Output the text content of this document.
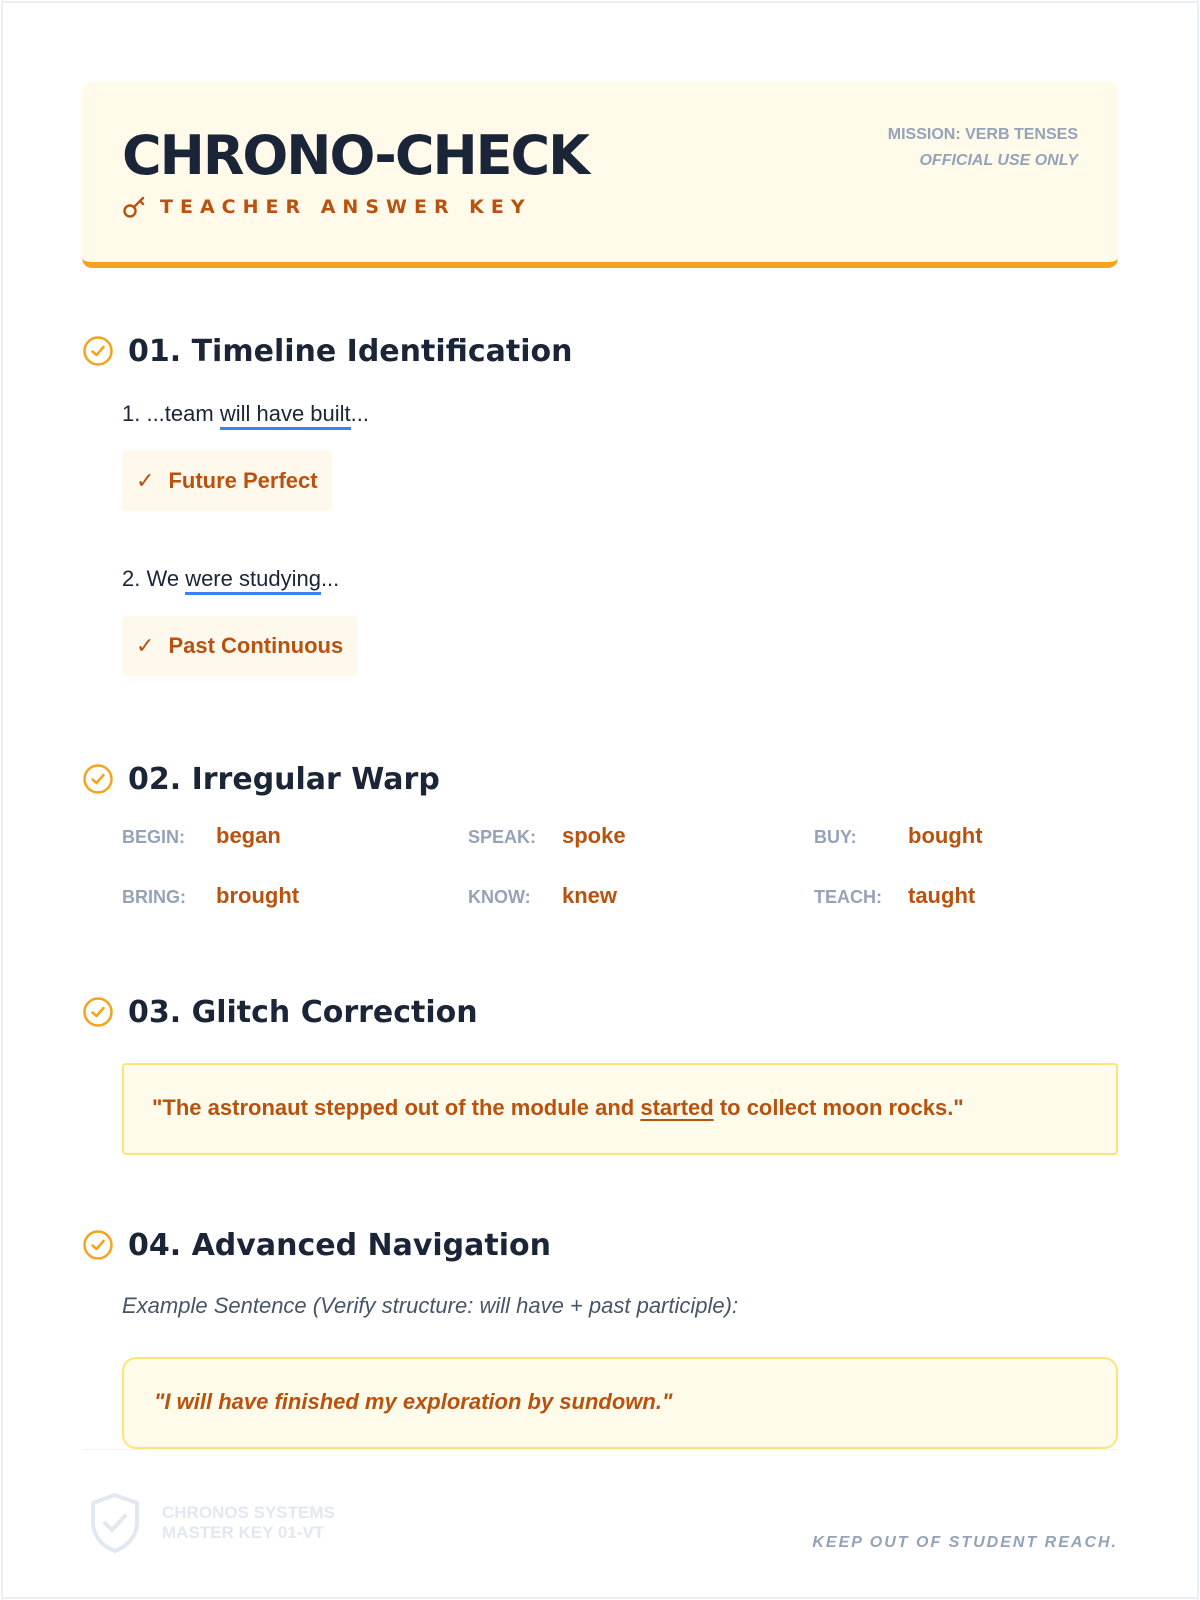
CHRONO-CHECK
TEACHER ANSWER KEY
MISSION: VERB TENSES
OFFICIAL USE ONLY
01. Timeline Identification
1. ...team will have built...
✓ Future Perfect
2. We were studying...
✓ Past Continuous
02. Irregular Warp
BEGIN:	began	SPEAK:	spoke	BUY:	bought
BRING:	brought	KNOW:	knew	TEACH:	taught
03. Glitch Correction
"The astronaut stepped out of the module and started to collect moon rocks."
04. Advanced Navigation
Example Sentence (Verify structure: will have + past participle):
"I will have finished my exploration by sundown."
CHRONOS SYSTEMS
MASTER KEY 01-VT
KEEP OUT OF STUDENT REACH.
